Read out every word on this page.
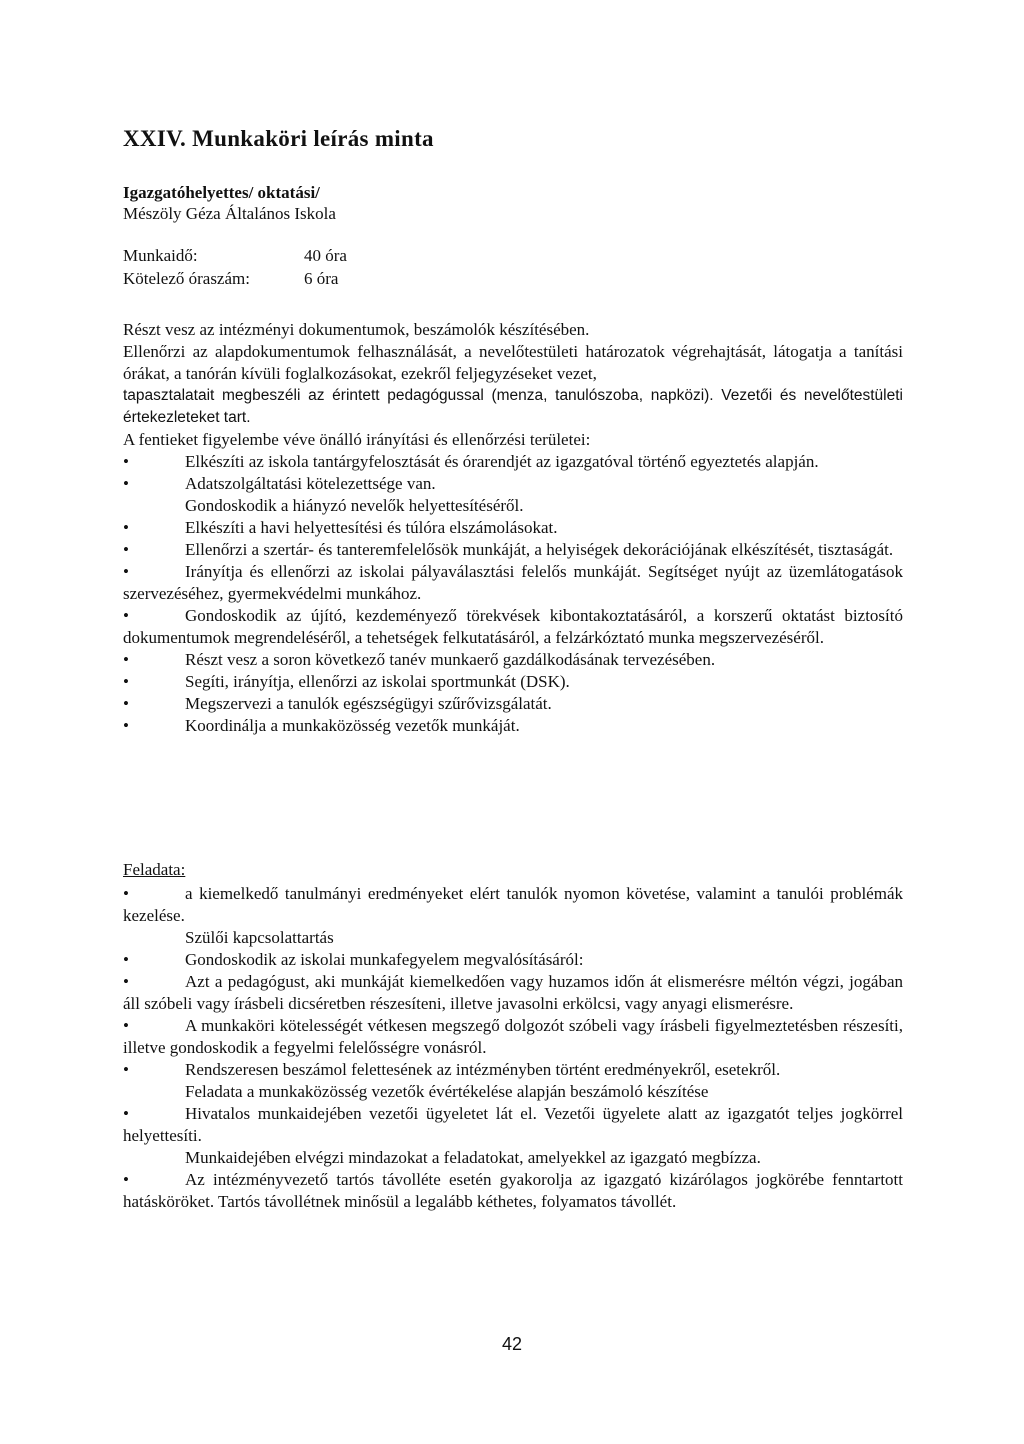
XXIV. Munkaköri leírás minta
Igazgatóhelyettes/ oktatási/
Mészöly Géza Általános Iskola
Munkaidő:	40 óra
Kötelező óraszám:	6 óra

Részt vesz az intézményi dokumentumok, beszámolók készítésében.

Ellenőrzi az alapdokumentumok felhasználását, a nevelőtestületi határozatok végrehajtását, látogatja a tanítási órákat, a tanórán kívüli foglalkozásokat, ezekről feljegyzéseket vezet,

tapasztalatait megbeszéli az érintett pedagógussal (menza, tanulószoba, napközi). Vezetői és nevelőtestületi értekezleteket tart.

A fentieket figyelembe véve önálló irányítási és ellenőrzési területei:

•	Elkészíti az iskola tantárgyfelosztását és órarendjét az igazgatóval történő egyeztetés alapján.

•	Adatszolgáltatási kötelezettsége van.

Gondoskodik a hiányzó nevelők helyettesítéséről.

•	Elkészíti a havi helyettesítési és túlóra elszámolásokat.

•	Ellenőrzi a szertár- és tanteremfelelősök munkáját, a helyiségek dekorációjának elkészítését, tisztaságát.

•	Irányítja és ellenőrzi az iskolai pályaválasztási felelős munkáját. Segítséget nyújt az üzemlátogatások szervezéséhez, gyermekvédelmi munkához.

•	Gondoskodik az újító, kezdeményező törekvések kibontakoztatásáról, a korszerű oktatást biztosító dokumentumok megrendeléséről, a tehetségek felkutatásáról, a felzárkóztató munka megszervezéséről.

•	Részt vesz a soron következő tanév munkaerő gazdálkodásának tervezésében.

•	Segíti, irányítja, ellenőrzi az iskolai sportmunkát (DSK).

•	Megszervezi a tanulók egészségügyi szűrővizsgálatát.

•	Koordinálja a munkaközösség vezetők munkáját.

Feladata:

•	a kiemelkedő tanulmányi eredményeket elért tanulók nyomon követése, valamint a tanulói problémák kezelése.

Szülői kapcsolattartás

•	Gondoskodik az iskolai munkafegyelem megvalósításáról:

•	Azt a pedagógust, aki munkáját kiemelkedően vagy huzamos időn át elismerésre méltón végzi, jogában áll szóbeli vagy írásbeli dicséretben részesíteni, illetve javasolni erkölcsi, vagy anyagi elismerésre.

•	A munkaköri kötelességét vétkesen megszegő dolgozót szóbeli vagy írásbeli figyelmeztetésben részesíti, illetve gondoskodik a fegyelmi felelősségre vonásról.

•	Rendszeresen beszámol felettesének az intézményben történt eredményekről, esetekről.

Feladata a munkaközösség vezetők évértékelése alapján beszámoló készítése

•	Hivatalos munkaidejében vezetői ügyeletet lát el. Vezetői ügyelete alatt az igazgatót teljes jogkörrel helyettesíti.

Munkaidejében elvégzi mindazokat a feladatokat, amelyekkel az igazgató megbízza.

•	Az intézményvezető tartós távolléte esetén gyakorolja az igazgató kizárólagos jogkörébe fenntartott hatásköröket. Tartós távollétnek minősül a legalább kéthetes, folyamatos távollét.

42
